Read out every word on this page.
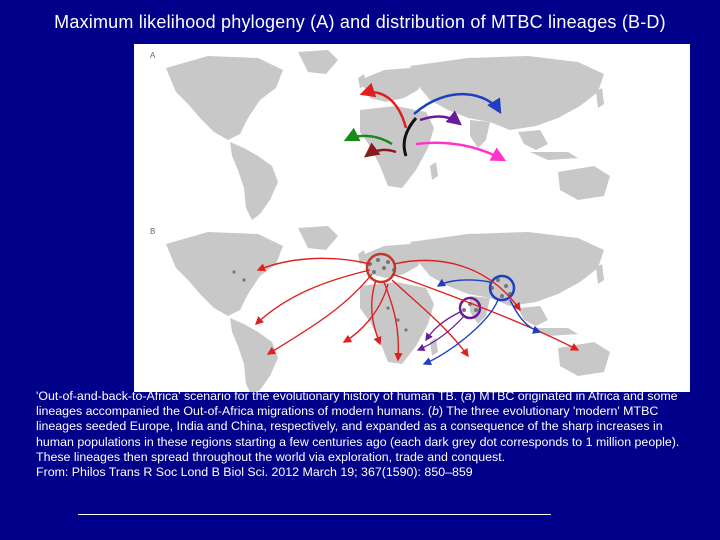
Maximum likelihood phylogeny (A) and distribution of MTBC lineages (B-D)
A
B

'Out-of-and-back-to-Africa' scenario for the evolutionary history of human TB. (a) MTBC originated in Africa and some lineages accompanied the Out-of-Africa migrations of modern humans. (b) The three evolutionary 'modern' MTBC lineages seeded Europe, India and China, respectively, and expanded as a consequence of the sharp increases in human populations in these regions starting a few centuries ago (each dark grey dot corresponds to 1 million people). These lineages then spread throughout the world via exploration, trade and conquest.

From: Philos Trans R Soc Lond B Biol Sci. 2012 March 19; 367(1590): 850–859
